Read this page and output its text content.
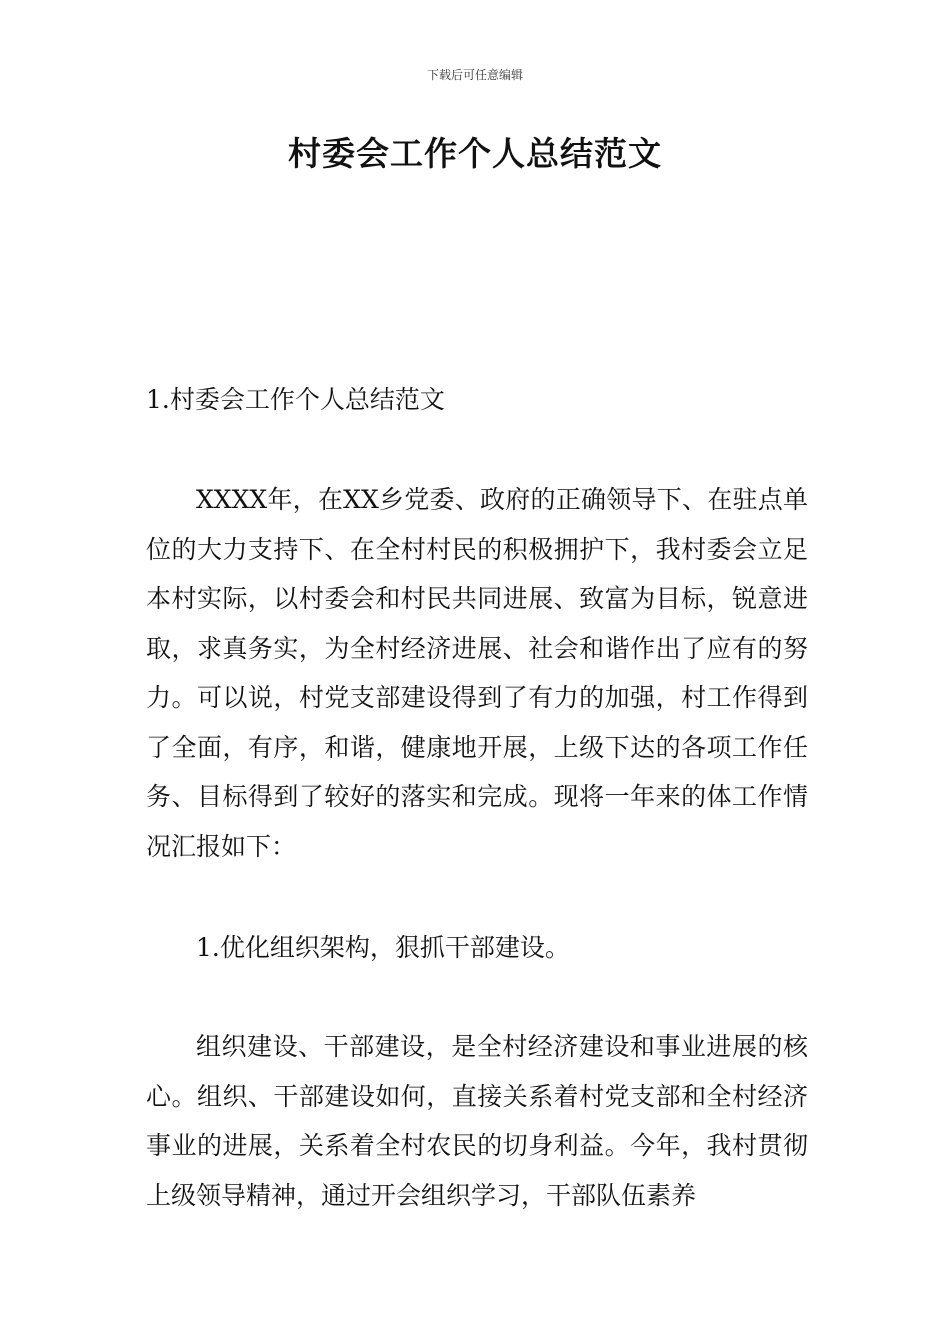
下载后可任意编辑
村委会工作个人总结范文

1.村委会工作个人总结范文

XXXX年，在XX乡党委、政府的正确领导下、在驻点单位的大力支持下、在全村村民的积极拥护下，我村委会立足本村实际，以村委会和村民共同进展、致富为目标，锐意进取，求真务实，为全村经济进展、社会和谐作出了应有的努力。可以说，村党支部建设得到了有力的加强，村工作得到了全面，有序，和谐，健康地开展，上级下达的各项工作任务、目标得到了较好的落实和完成。现将一年来的体工作情况汇报如下：

1.优化组织架构，狠抓干部建设。

组织建设、干部建设，是全村经济建设和事业进展的核心。组织、干部建设如何，直接关系着村党支部和全村经济事业的进展，关系着全村农民的切身利益。今年，我村贯彻上级领导精神，通过开会组织学习，干部队伍素养
